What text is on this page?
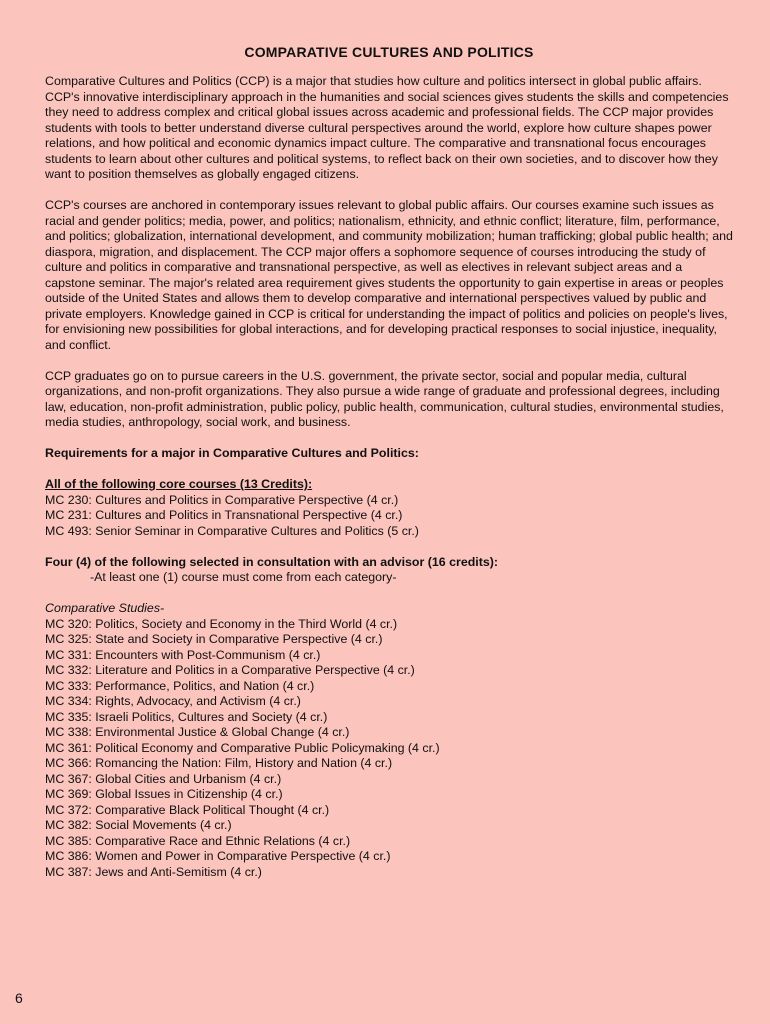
COMPARATIVE CULTURES AND POLITICS

Comparative Cultures and Politics (CCP) is a major that studies how culture and politics intersect in global public affairs. CCP's innovative interdisciplinary approach in the humanities and social sciences gives students the skills and competencies they need to address complex and critical global issues across academic and professional fields. The CCP major provides students with tools to better understand diverse cultural perspectives around the world, explore how culture shapes power relations, and how political and economic dynamics impact culture. The comparative and transnational focus encourages students to learn about other cultures and political systems, to reflect back on their own societies, and to discover how they want to position themselves as globally engaged citizens.

CCP's courses are anchored in contemporary issues relevant to global public affairs. Our courses examine such issues as racial and gender politics; media, power, and politics; nationalism, ethnicity, and ethnic conflict; literature, film, performance, and politics; globalization, international development, and community mobilization; human trafficking; global public health; and diaspora, migration, and displacement. The CCP major offers a sophomore sequence of courses introducing the study of culture and politics in comparative and transnational perspective, as well as electives in relevant subject areas and a capstone seminar. The major's related area requirement gives students the opportunity to gain expertise in areas or peoples outside of the United States and allows them to develop comparative and international perspectives valued by public and private employers. Knowledge gained in CCP is critical for understanding the impact of politics and policies on people's lives, for envisioning new possibilities for global interactions, and for developing practical responses to social injustice, inequality, and conflict.

CCP graduates go on to pursue careers in the U.S. government, the private sector, social and popular media, cultural organizations, and non-profit organizations. They also pursue a wide range of graduate and professional degrees, including law, education, non-profit administration, public policy, public health, communication, cultural studies, environmental studies, media studies, anthropology, social work, and business.

Requirements for a major in Comparative Cultures and Politics:
All of the following core courses (13 Credits):
MC 230: Cultures and Politics in Comparative Perspective (4 cr.)
MC 231: Cultures and Politics in Transnational Perspective (4 cr.)
MC 493: Senior Seminar in Comparative Cultures and Politics (5 cr.)
Four (4) of the following selected in consultation with an advisor (16 credits):
-At least one (1) course must come from each category-
Comparative Studies-
MC 320: Politics, Society and Economy in the Third World (4 cr.)
MC 325: State and Society in Comparative Perspective (4 cr.)
MC 331: Encounters with Post-Communism (4 cr.)
MC 332: Literature and Politics in a Comparative Perspective (4 cr.)
MC 333: Performance, Politics, and Nation (4 cr.)
MC 334: Rights, Advocacy, and Activism (4 cr.)
MC 335: Israeli Politics, Cultures and Society (4 cr.)
MC 338: Environmental Justice & Global Change (4 cr.)
MC 361: Political Economy and Comparative Public Policymaking (4 cr.)
MC 366: Romancing the Nation: Film, History and Nation (4 cr.)
MC 367: Global Cities and Urbanism (4 cr.)
MC 369: Global Issues in Citizenship (4 cr.)
MC 372: Comparative Black Political Thought (4 cr.)
MC 382: Social Movements (4 cr.)
MC 385: Comparative Race and Ethnic Relations (4 cr.)
MC 386: Women and Power in Comparative Perspective (4 cr.)
MC 387: Jews and Anti-Semitism (4 cr.)
6
